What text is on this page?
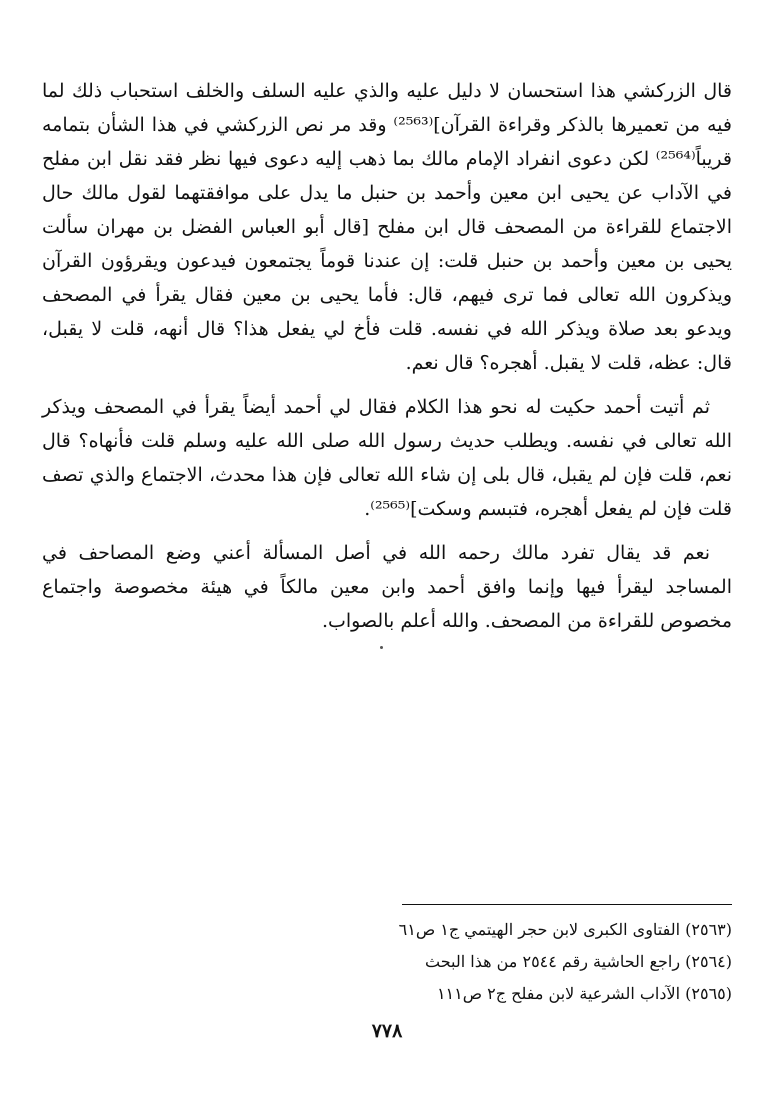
قال الزركشي هذا استحسان لا دليل عليه والذي عليه السلف والخلف استحباب ذلك لما فيه من تعميرها بالذكر وقراءة القرآن]⁽²⁵⁶³⁾ وقد مر نص الزركشي في هذا الشأن بتمامه قريباً⁽²⁵⁶⁴⁾ لكن دعوى انفراد الإمام مالك بما ذهب إليه دعوى فيها نظر فقد نقل ابن مفلح في الآداب عن يحيى ابن معين وأحمد بن حنبل ما يدل على موافقتهما لقول مالك حال الاجتماع للقراءة من المصحف قال ابن مفلح [قال أبو العباس الفضل بن مهران سألت يحيى بن معين وأحمد بن حنبل قلت: إن عندنا قوماً يجتمعون فيدعون ويقرؤون القرآن ويذكرون الله تعالى فما ترى فيهم، قال: فأما يحيى بن معين فقال يقرأ في المصحف ويدعو بعد صلاة ويذكر الله في نفسه. قلت فأخ لي يفعل هذا؟ قال أنهه، قلت لا يقبل، قال: عظه، قلت لا يقبل. أهجره؟ قال نعم.

ثم أتيت أحمد حكيت له نحو هذا الكلام فقال لي أحمد أيضاً يقرأ في المصحف ويذكر الله تعالى في نفسه. ويطلب حديث رسول الله صلى الله عليه وسلم قلت فأنهاه؟ قال نعم، قلت فإن لم يقبل، قال بلى إن شاء الله تعالى فإن هذا محدث، الاجتماع والذي تصف قلت فإن لم يفعل أهجره، فتبسم وسكت]⁽²⁵⁶⁵⁾.

نعم قد يقال تفرد مالك رحمه الله في أصل المسألة أعني وضع المصاحف في المساجد ليقرأ فيها وإنما وافق أحمد وابن معين مالكاً في هيئة مخصوصة واجتماع مخصوص للقراءة من المصحف. والله أعلم بالصواب.

(٢٥٦٣) الفتاوى الكبرى لابن حجر الهيتمي ج١ ص٦١

(٢٥٦٤) راجع الحاشية رقم ٢٥٤٤ من هذا البحث

(٢٥٦٥) الآداب الشرعية لابن مفلح ج٢ ص١١١

٧٧٨
